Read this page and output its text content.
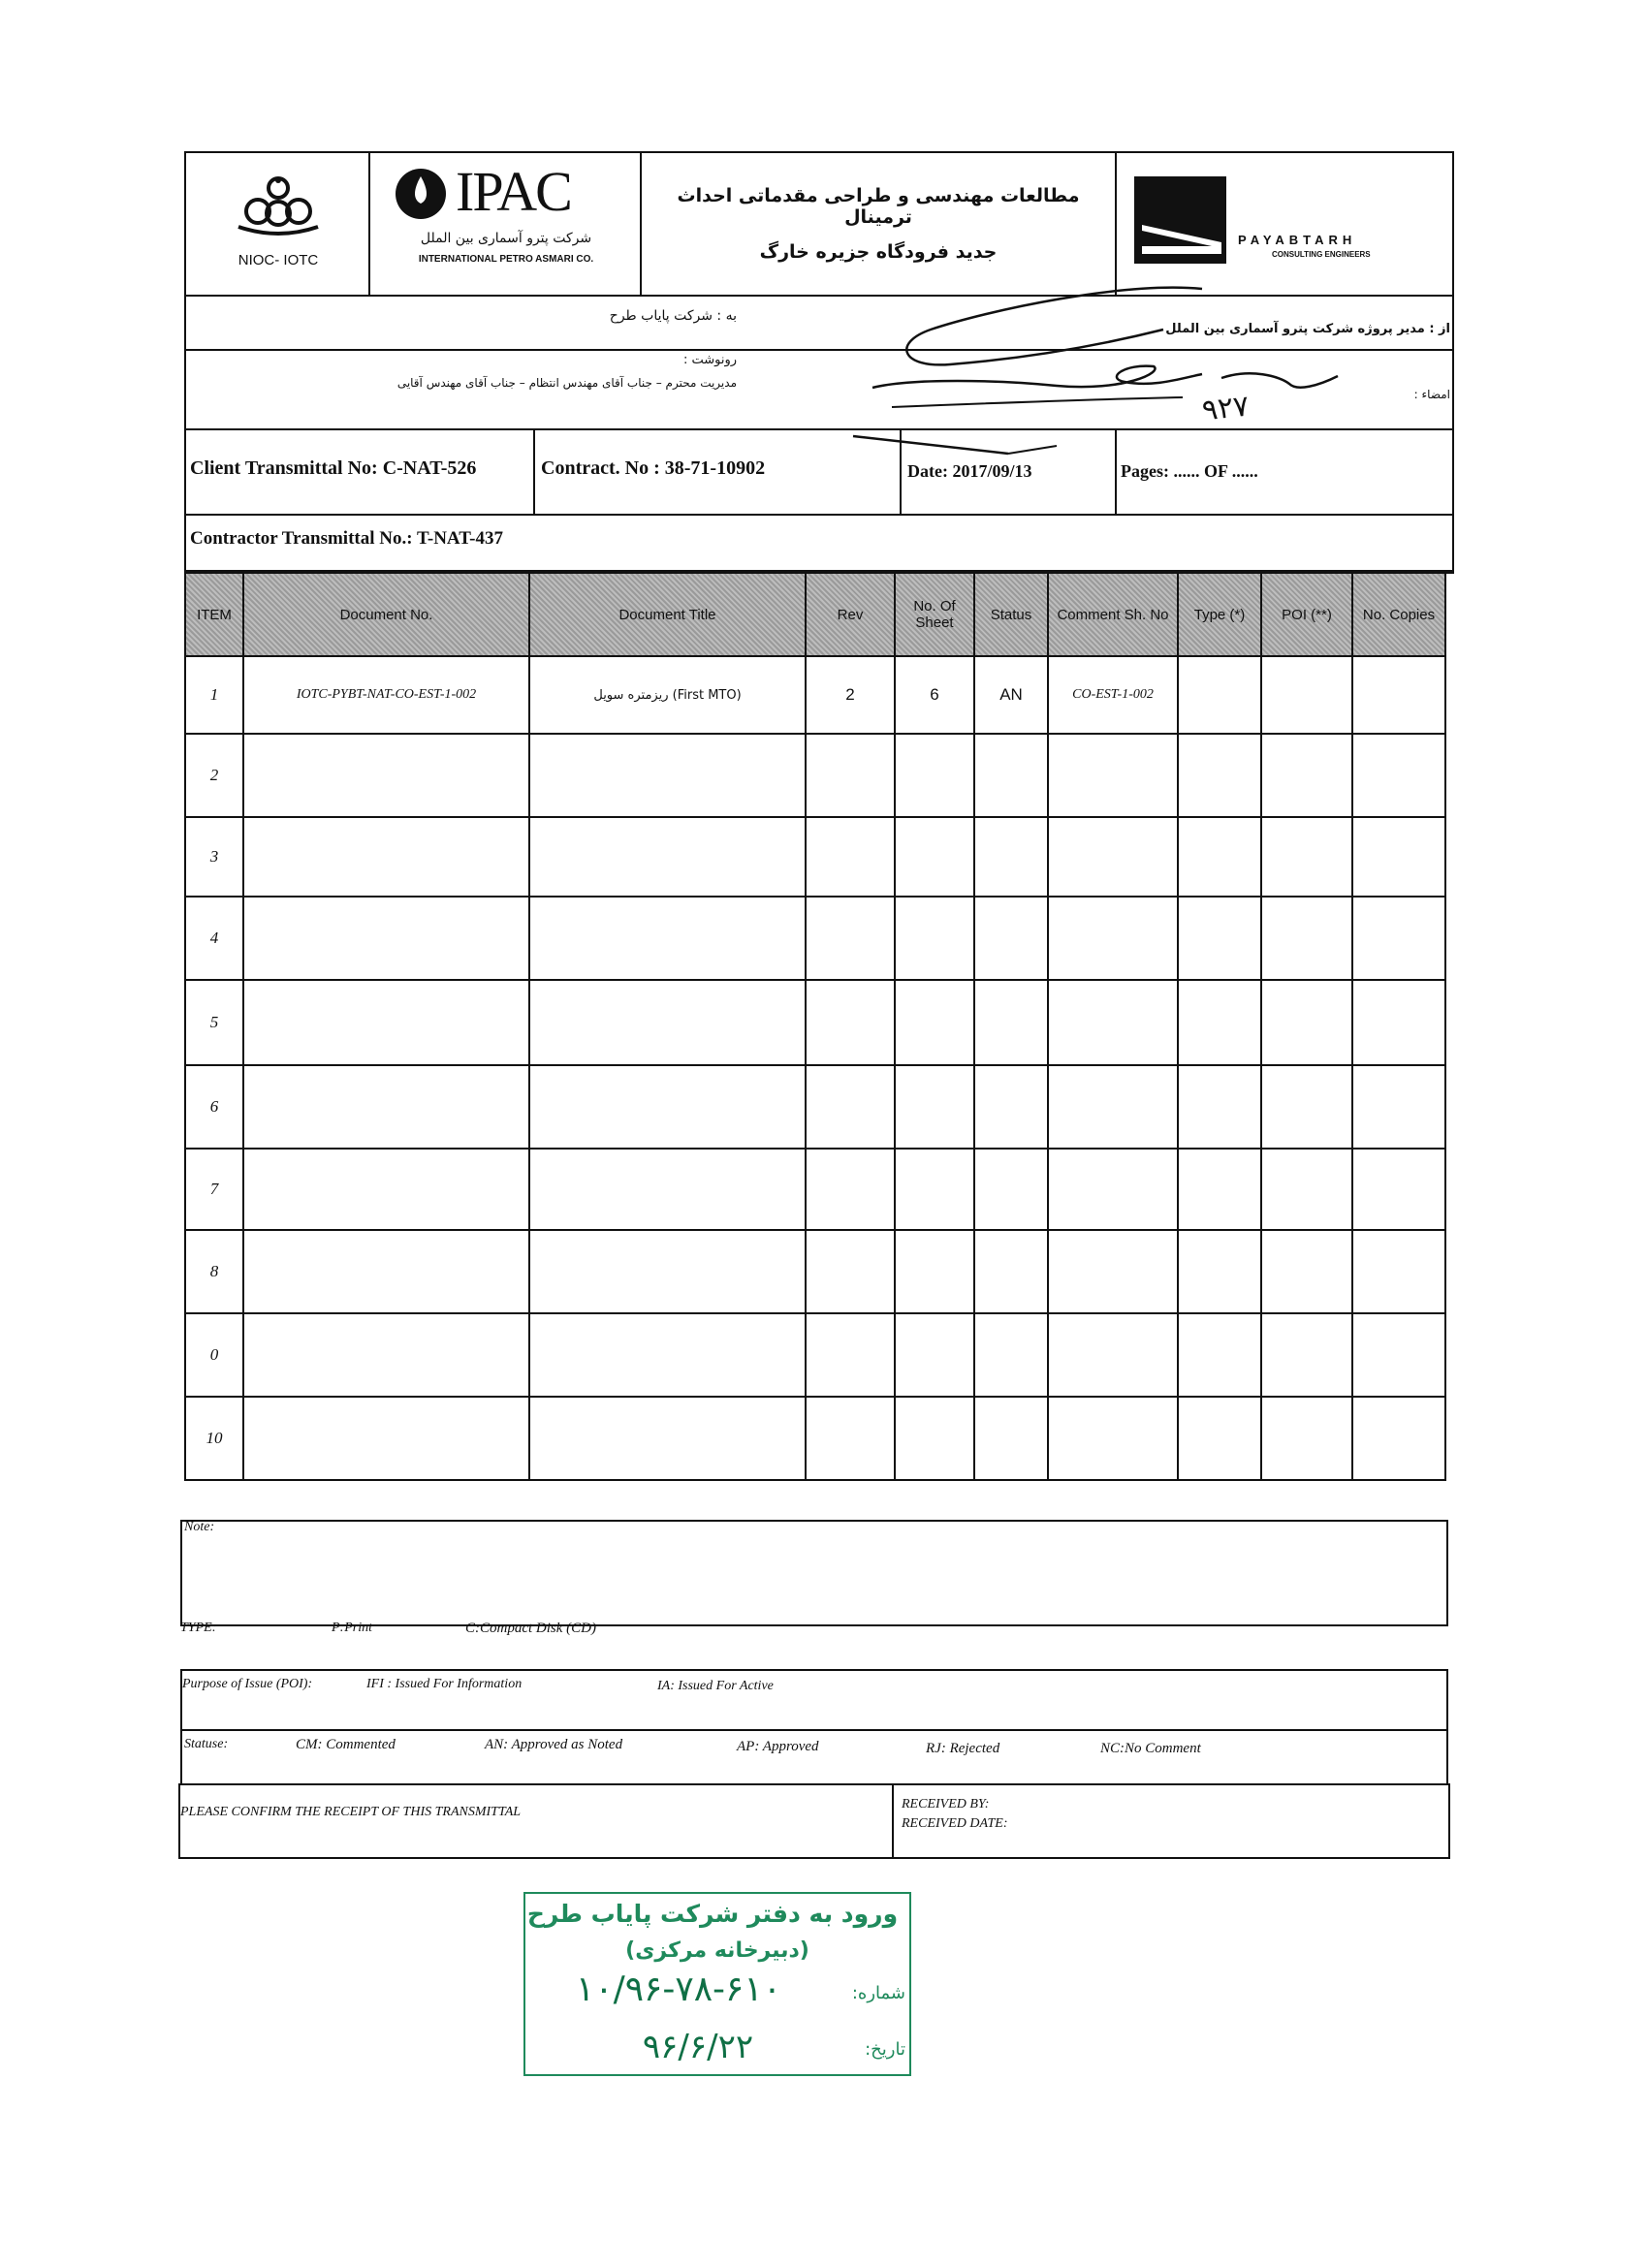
NIOC- IOTC
IPAC
شرکت پترو آسماری بین الملل
INTERNATIONAL PETRO ASMARI CO.
مطالعات مهندسی و طراحی مقدماتی احداث ترمینال
جدید فرودگاه جزیره خارگ
PAYABTARH
CONSULTING ENGINEERS
به : شرکت پایاب طرح
از : مدیر پروژه شرکت پترو آسماری بین الملل
رونوشت :
مدیریت محترم – جناب آقای مهندس انتظام – جناب آقای مهندس آقایی
امضاء :
۹۲۷
Client Transmittal No: C-NAT-526	Contract. No : 38-71-10902	Date: 2017/09/13	Pages: ...... OF ......
Contractor Transmittal No.: T-NAT-437
ITEM	Document No.	Document Title	Rev	No. Of Sheet	Status	Comment Sh. No	Type (*)	POI (**)	No. Copies
1	IOTC-PYBT-NAT-CO-EST-1-002	(First MTO) ریزمتره سویل	2	6	AN	CO-EST-1-002
2
3
4
5
6
7
8
0
10
Note:
TYPE:	P:Print	C:Compact Disk (CD)
Purpose of Issue (POI):	IFI : Issued For Information	IA: Issued For Active
Statuse:	CM: Commented	AN: Approved as Noted	AP: Approved	RJ: Rejected	NC:No Comment
PLEASE CONFIRM THE RECEIPT OF THIS TRANSMITTAL
RECEIVED BY:
RECEIVED DATE:
ورود به دفتر شرکت پایاب طرح
(دبیرخانه مرکزی)
شماره:
۱۰/۹۶-۷۸-۶۱۰
تاریخ:
۹۶/۶/۲۲
